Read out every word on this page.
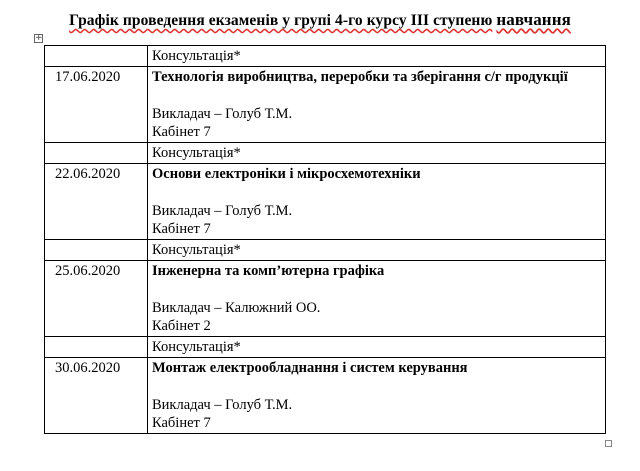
Графік проведення екзаменів у групі 4-го курсу III ступеню навчання
+
	Консультація*
17.06.2020	Технологія виробництва, переробки та зберігання с/г продукції
Викладач – Голуб Т.М.
Кабінет 7

	Консультація*
22.06.2020	Основи електроніки і мікросхемотехніки
Викладач – Голуб Т.М.
Кабінет 7

	Консультація*
25.06.2020	Інженерна та комп’ютерна графіка
Викладач – Калюжний ОО.
Кабінет 2

	Консультація*
30.06.2020	Монтаж електрообладнання і систем керування
Викладач – Голуб Т.М.
Кабінет 7
